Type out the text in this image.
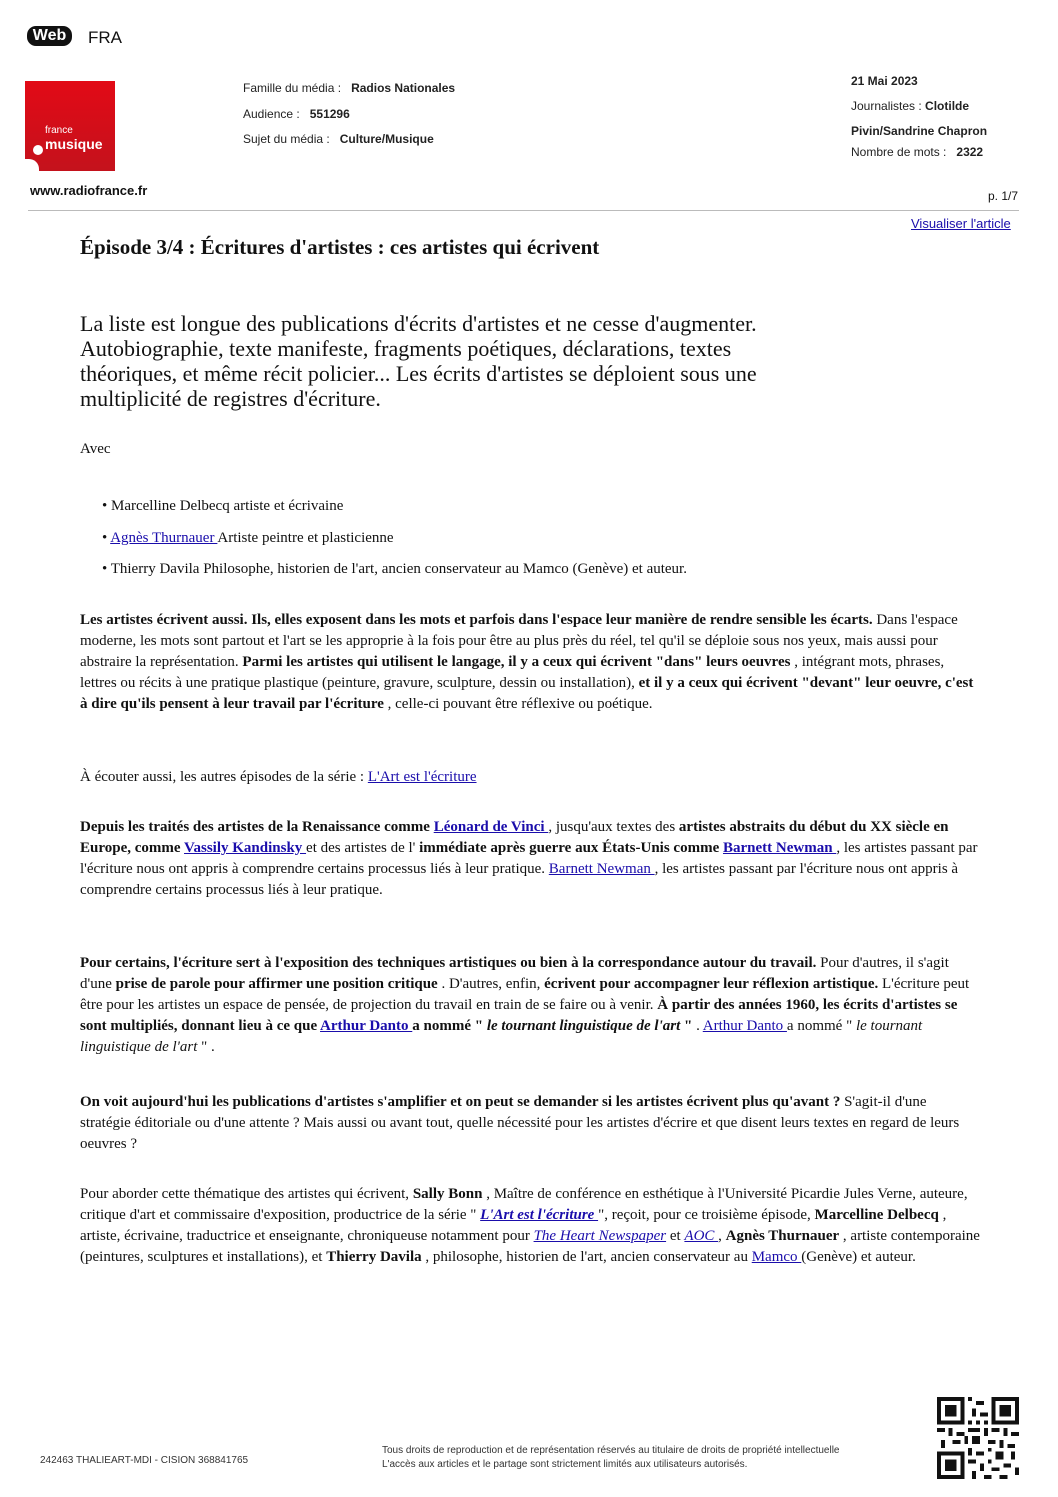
Web	FRA
france
musique
www.radiofrance.fr
Famille du média : Radios Nationales
Audience : 551296
Sujet du média : Culture/Musique
21 Mai 2023
Journalistes : Clotilde
Pivin/Sandrine Chapron
Nombre de mots : 2322
p. 1/7
Visualiser l'article
Épisode 3/4 : Écritures d'artistes : ces artistes qui écrivent
La liste est longue des publications d'écrits d'artistes et ne cesse d'augmenter. Autobiographie, texte manifeste, fragments poétiques, déclarations, textes théoriques, et même récit policier... Les écrits d'artistes se déploient sous une multiplicité de registres d'écriture.
Avec
• Marcelline Delbecq artiste et écrivaine
• Agnès Thurnauer Artiste peintre et plasticienne
• Thierry Davila Philosophe, historien de l'art, ancien conservateur au Mamco (Genève) et auteur.
Les artistes écrivent aussi. Ils, elles exposent dans les mots et parfois dans l'espace leur manière de rendre sensible les écarts. Dans l'espace moderne, les mots sont partout et l'art se les approprie à la fois pour être au plus près du réel, tel qu'il se déploie sous nos yeux, mais aussi pour abstraire la représentation. Parmi les artistes qui utilisent le langage, il y a ceux qui écrivent "dans" leurs oeuvres , intégrant mots, phrases, lettres ou récits à une pratique plastique (peinture, gravure, sculpture, dessin ou installation), et il y a ceux qui écrivent "devant" leur oeuvre, c'est à dire qu'ils pensent à leur travail par l'écriture , celle-ci pouvant être réflexive ou poétique.
À écouter aussi, les autres épisodes de la série : L'Art est l'écriture
Depuis les traités des artistes de la Renaissance comme Léonard de Vinci , jusqu'aux textes des artistes abstraits du début du XX siècle en Europe, comme Vassily Kandinsky et des artistes de l' immédiate après guerre aux États-Unis comme Barnett Newman , les artistes passant par l'écriture nous ont appris à comprendre certains processus liés à leur pratique. Barnett Newman , les artistes passant par l'écriture nous ont appris à comprendre certains processus liés à leur pratique.
Pour certains, l'écriture sert à l'exposition des techniques artistiques ou bien à la correspondance autour du travail. Pour d'autres, il s'agit d'une prise de parole pour affirmer une position critique . D'autres, enfin, écrivent pour accompagner leur réflexion artistique. L'écriture peut être pour les artistes un espace de pensée, de projection du travail en train de se faire ou à venir. À partir des années 1960, les écrits d'artistes se sont multipliés, donnant lieu à ce que Arthur Danto a nommé " le tournant linguistique de l'art " . Arthur Danto a nommé " le tournant linguistique de l'art " .
On voit aujourd'hui les publications d'artistes s'amplifier et on peut se demander si les artistes écrivent plus qu'avant ? S'agit-il d'une stratégie éditoriale ou d'une attente ? Mais aussi ou avant tout, quelle nécessité pour les artistes d'écrire et que disent leurs textes en regard de leurs oeuvres ?
Pour aborder cette thématique des artistes qui écrivent, Sally Bonn , Maître de conférence en esthétique à l'Université Picardie Jules Verne, auteure, critique d'art et commissaire d'exposition, productrice de la série " L'Art est l'écriture ", reçoit, pour ce troisième épisode, Marcelline Delbecq , artiste, écrivaine, traductrice et enseignante, chroniqueuse notamment pour The Heart Newspaper et AOC , Agnès Thurnauer , artiste contemporaine (peintures, sculptures et installations), et Thierry Davila , philosophe, historien de l'art, ancien conservateur au Mamco (Genève) et auteur.
242463 THALIEART-MDI - CISION 368841765
Tous droits de reproduction et de représentation réservés au titulaire de droits de propriété intellectuelle
L'accès aux articles et le partage sont strictement limités aux utilisateurs autorisés.
